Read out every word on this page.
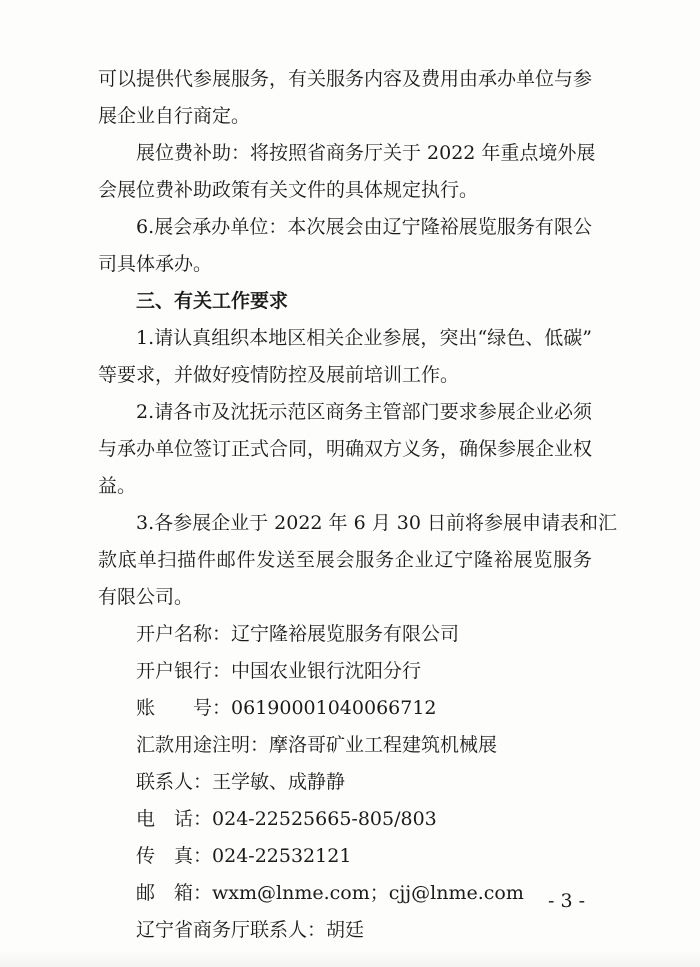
可以提供代参展服务，有关服务内容及费用由承办单位与参
展企业自行商定。
展位费补助：将按照省商务厅关于 2022 年重点境外展
会展位费补助政策有关文件的具体规定执行。
6.展会承办单位：本次展会由辽宁隆裕展览服务有限公
司具体承办。
三、有关工作要求
1.请认真组织本地区相关企业参展，突出“绿色、低碳”
等要求，并做好疫情防控及展前培训工作。
2.请各市及沈抚示范区商务主管部门要求参展企业必须
与承办单位签订正式合同，明确双方义务，确保参展企业权
益。
3.各参展企业于 2022 年 6 月 30 日前将参展申请表和汇
款底单扫描件邮件发送至展会服务企业辽宁隆裕展览服务
有限公司。
开户名称：辽宁隆裕展览服务有限公司
开户银行：中国农业银行沈阳分行
账　　号：06190001040066712
汇款用途注明：摩洛哥矿业工程建筑机械展
联系人：王学敏、成静静
电　话：024-22525665-805/803
传　真：024-22532121
邮　箱：wxm@lnme.com；cjj@lnme.com
辽宁省商务厅联系人：胡廷
- 3 -
